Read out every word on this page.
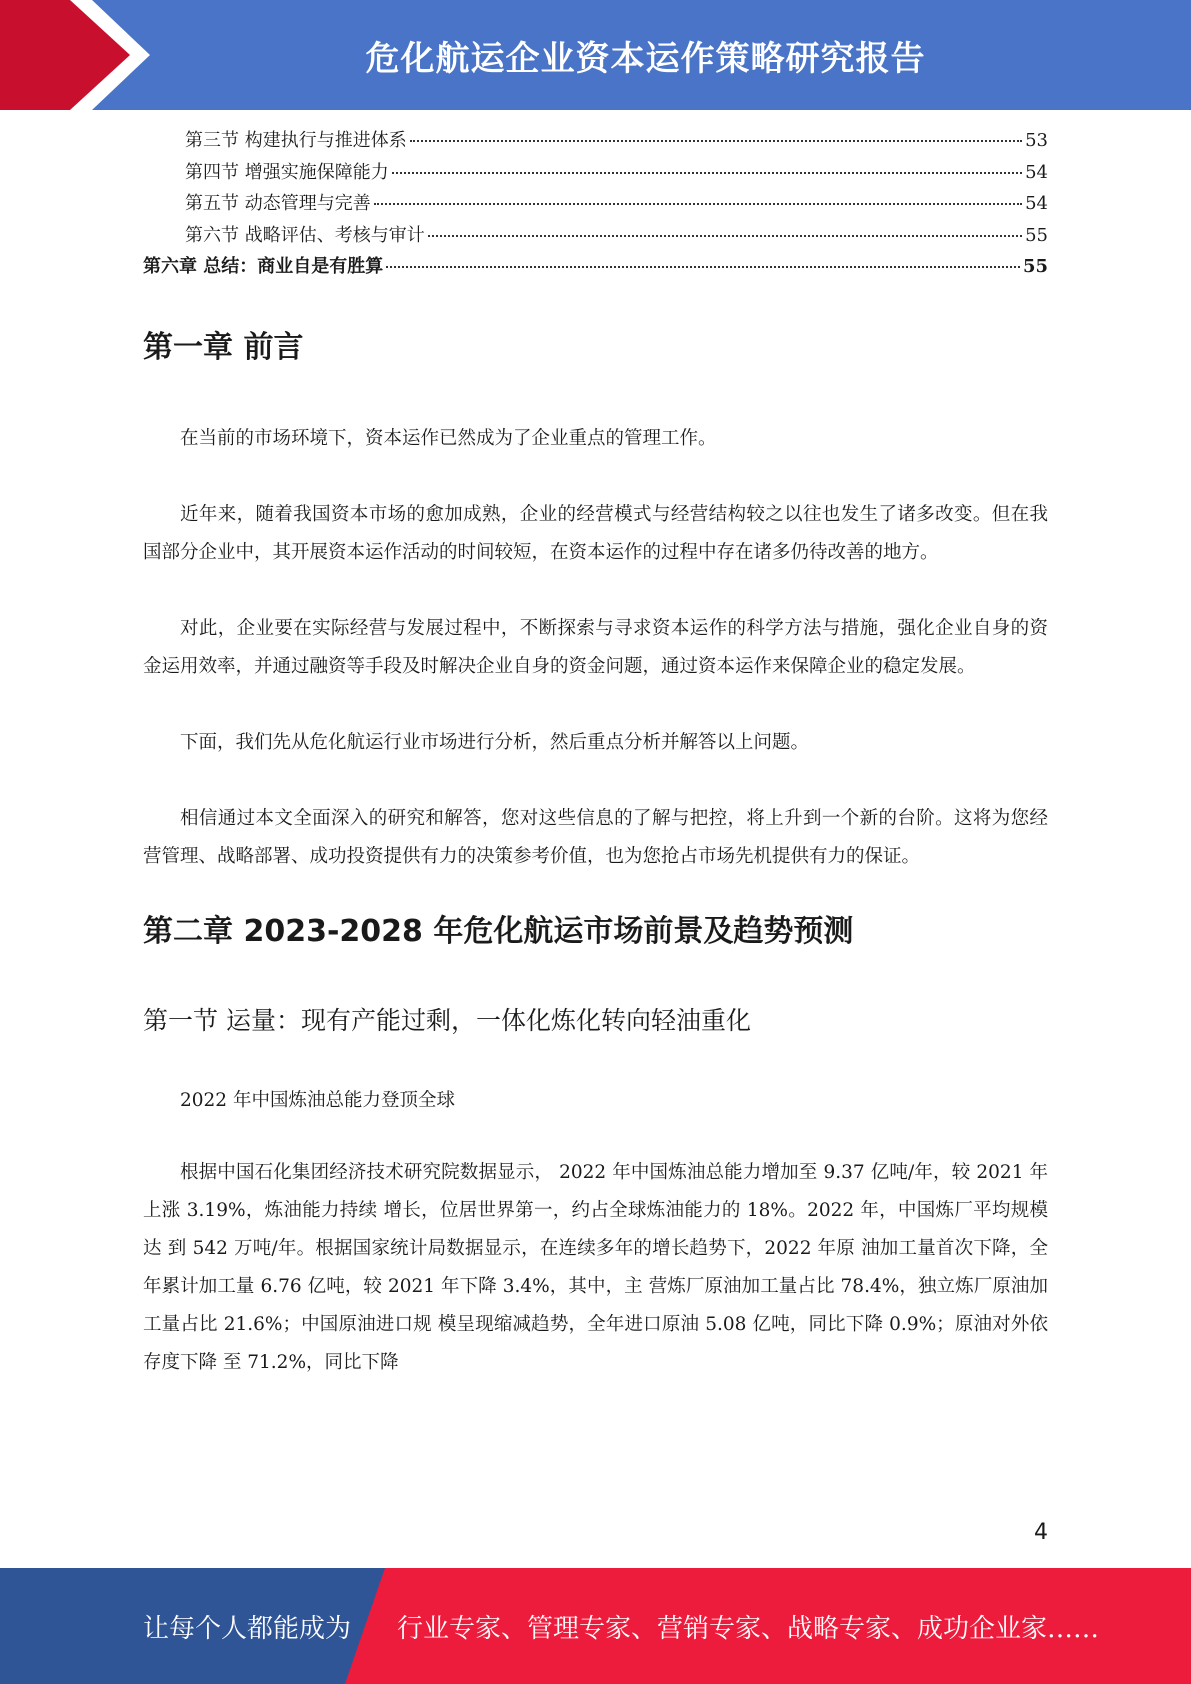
危化航运企业资本运作策略研究报告
第三节 构建执行与推进体系	53
第四节 增强实施保障能力	54
第五节 动态管理与完善	54
第六节 战略评估、考核与审计	55
第六章 总结：商业自是有胜算	55
第一章 前言

在当前的市场环境下，资本运作已然成为了企业重点的管理工作。

近年来，随着我国资本市场的愈加成熟，企业的经营模式与经营结构较之以往也发生了诸多改变。但在我国部分企业中，其开展资本运作活动的时间较短，在资本运作的过程中存在诸多仍待改善的地方。

对此，企业要在实际经营与发展过程中，不断探索与寻求资本运作的科学方法与措施，强化企业自身的资金运用效率，并通过融资等手段及时解决企业自身的资金问题，通过资本运作来保障企业的稳定发展。

下面，我们先从危化航运行业市场进行分析，然后重点分析并解答以上问题。

相信通过本文全面深入的研究和解答，您对这些信息的了解与把控，将上升到一个新的台阶。这将为您经营管理、战略部署、成功投资提供有力的决策参考价值，也为您抢占市场先机提供有力的保证。

第二章 2023-2028 年危化航运市场前景及趋势预测
第一节 运量：现有产能过剩，一体化炼化转向轻油重化

2022 年中国炼油总能力登顶全球

根据中国石化集团经济技术研究院数据显示， 2022 年中国炼油总能力增加至 9.37 亿吨/年，较 2021 年上涨 3.19%，炼油能力持续 增长，位居世界第一，约占全球炼油能力的 18%。2022 年，中国炼厂平均规模达 到 542 万吨/年。根据国家统计局数据显示，在连续多年的增长趋势下，2022 年原 油加工量首次下降，全年累计加工量 6.76 亿吨，较 2021 年下降 3.4%，其中，主 营炼厂原油加工量占比 78.4%，独立炼厂原油加工量占比 21.6%；中国原油进口规 模呈现缩减趋势，全年进口原油 5.08 亿吨，同比下降 0.9%；原油对外依存度下降 至 71.2%，同比下降

4
让每个人都能成为 行业专家、管理专家、营销专家、战略专家、成功企业家……
